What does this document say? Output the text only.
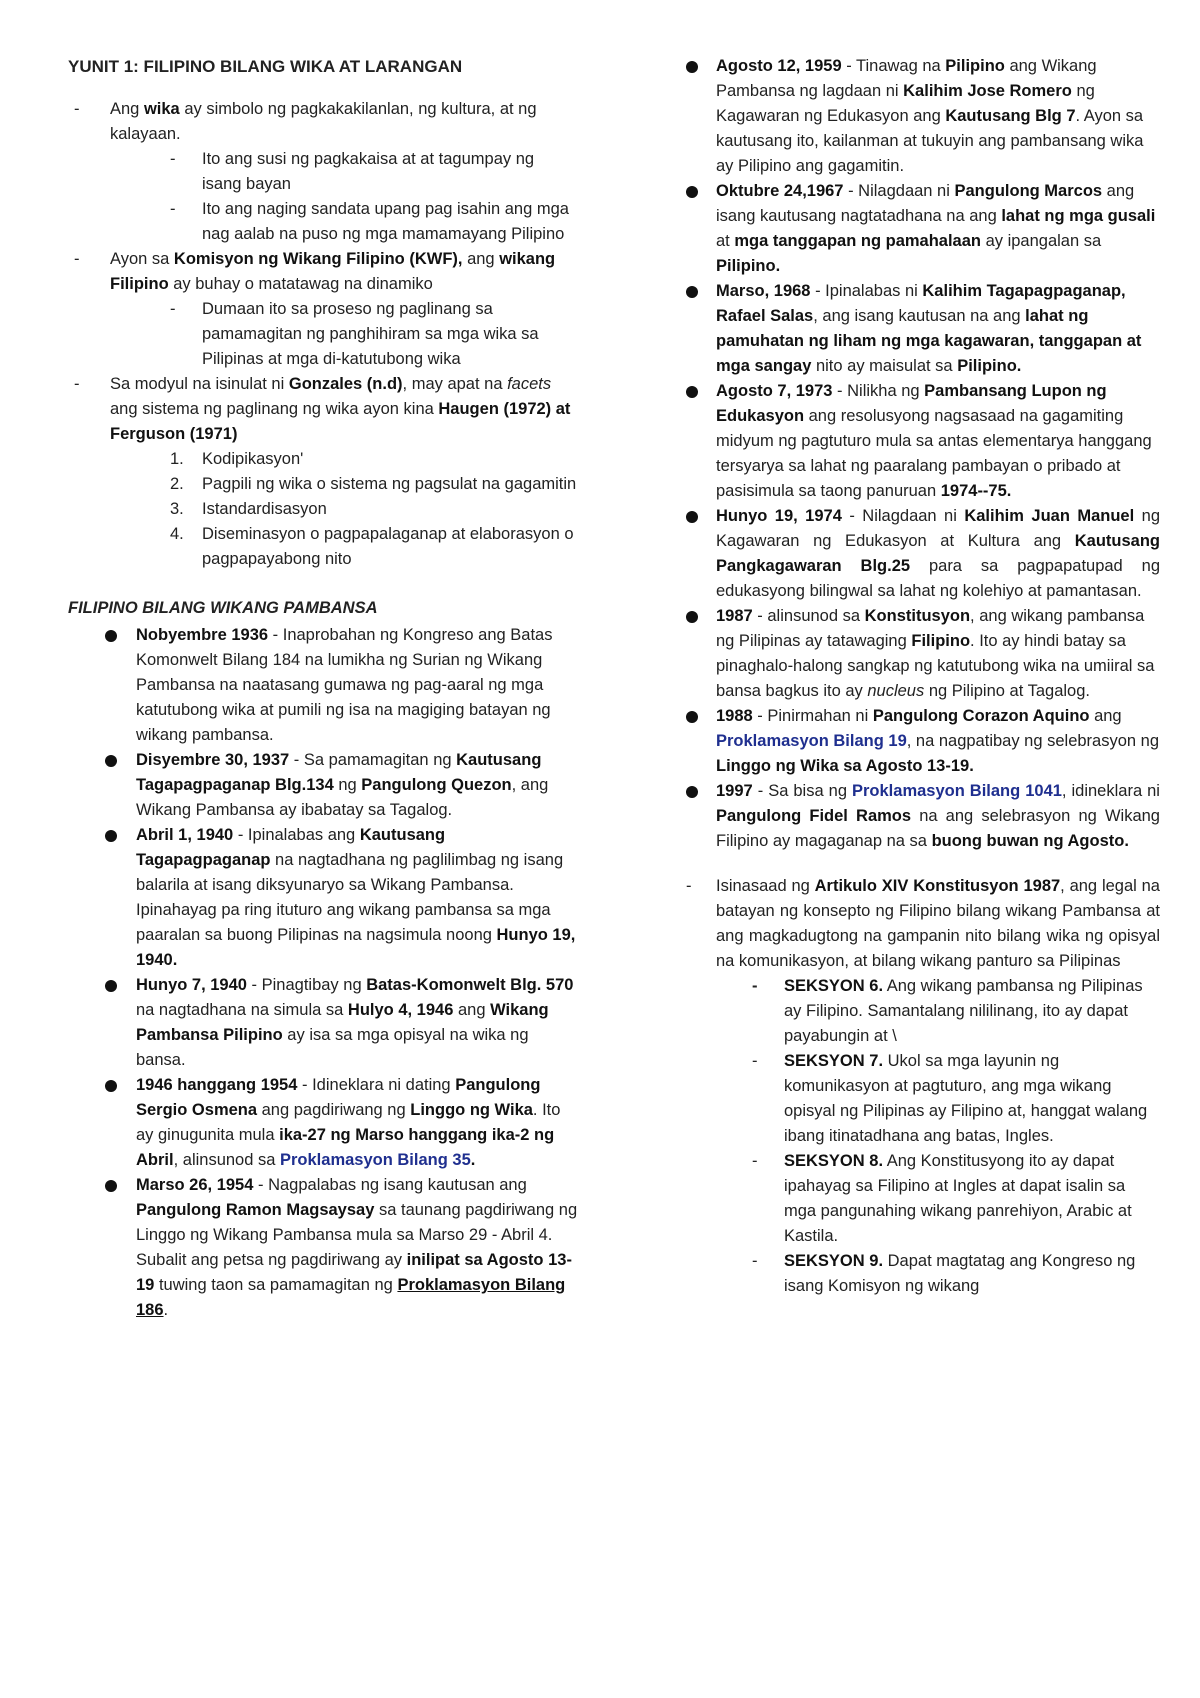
YUNIT 1: FILIPINO BILANG WIKA AT LARANGAN

- Ang wika ay simbolo ng pagkakakilanlan, ng kultura, at ng kalayaan.

- Ito ang susi ng pagkakaisa at at tagumpay ng isang bayan

- Ito ang naging sandata upang pag isahin ang mga nag aalab na puso ng mga mamamayang Pilipino

- Ayon sa Komisyon ng Wikang Filipino (KWF), ang wikang Filipino ay buhay o matatawag na dinamiko

- Dumaan ito sa proseso ng paglinang sa pamamagitan ng panghihiram sa mga wika sa Pilipinas at mga di-katutubong wika

- Sa modyul na isinulat ni Gonzales (n.d), may apat na facets ang sistema ng paglinang ng wika ayon kina Haugen (1972) at Ferguson (1971)

1. Kodipikasyon'

2. Pagpili ng wika o sistema ng pagsulat na gagamitin

3. Istandardisasyon

4. Diseminasyon o pagpapalaganap at elaborasyon o pagpapayabong nito

FILIPINO BILANG WIKANG PAMBANSA

Nobyembre 1936 - Inaprobahan ng Kongreso ang Batas Komonwelt Bilang 184 na lumikha ng Surian ng Wikang Pambansa na naatasang gumawa ng pag-aaral ng mga katutubong wika at pumili ng isa na magiging batayan ng wikang pambansa.

Disyembre 30, 1937 - Sa pamamagitan ng Kautusang Tagapagpaganap Blg.134 ng Pangulong Quezon, ang Wikang Pambansa ay ibabatay sa Tagalog.

Abril 1, 1940 - Ipinalabas ang Kautusang Tagapagpaganap na nagtadhana ng paglilimbag ng isang balarila at isang diksyunaryo sa Wikang Pambansa. Ipinahayag pa ring ituturo ang wikang pambansa sa mga paaralan sa buong Pilipinas na nagsimula noong Hunyo 19, 1940.

Hunyo 7, 1940 - Pinagtibay ng Batas-Komonwelt Blg. 570 na nagtadhana na simula sa Hulyo 4, 1946 ang Wikang Pambansa Pilipino ay isa sa mga opisyal na wika ng bansa.

1946 hanggang 1954 - Idineklara ni dating Pangulong Sergio Osmena ang pagdiriwang ng Linggo ng Wika. Ito ay ginugunita mula ika-27 ng Marso hanggang ika-2 ng Abril, alinsunod sa Proklamasyon Bilang 35.

Marso 26, 1954 - Nagpalabas ng isang kautusan ang Pangulong Ramon Magsaysay sa taunang pagdiriwang ng Linggo ng Wikang Pambansa mula sa Marso 29 - Abril 4. Subalit ang petsa ng pagdiriwang ay inilipat sa Agosto 13-19 tuwing taon sa pamamagitan ng Proklamasyon Bilang 186.

Agosto 12, 1959 - Tinawag na Pilipino ang Wikang Pambansa ng lagdaan ni Kalihim Jose Romero ng Kagawaran ng Edukasyon ang Kautusang Blg 7. Ayon sa kautusang ito, kailanman at tukuyin ang pambansang wika ay Pilipino ang gagamitin.

Oktubre 24,1967 - Nilagdaan ni Pangulong Marcos ang isang kautusang nagtatadhana na ang lahat ng mga gusali at mga tanggapan ng pamahalaan ay ipangalan sa Pilipino.

Marso, 1968 - Ipinalabas ni Kalihim Tagapagpaganap, Rafael Salas, ang isang kautusan na ang lahat ng pamuhatan ng liham ng mga kagawaran, tanggapan at mga sangay nito ay maisulat sa Pilipino.

Agosto 7, 1973 - Nilikha ng Pambansang Lupon ng Edukasyon ang resolusyong nagsasaad na gagamiting midyum ng pagtuturo mula sa antas elementarya hanggang tersyarya sa lahat ng paaralang pambayan o pribado at pasisimula sa taong panuruan 1974--75.

Hunyo 19, 1974 - Nilagdaan ni Kalihim Juan Manuel ng Kagawaran ng Edukasyon at Kultura ang Kautusang Pangkagawaran Blg.25 para sa pagpapatupad ng edukasyong bilingwal sa lahat ng kolehiyo at pamantasan.

1987 - alinsunod sa Konstitusyon, ang wikang pambansa ng Pilipinas ay tatawaging Filipino. Ito ay hindi batay sa pinaghalo-halong sangkap ng katutubong wika na umiiral sa bansa bagkus ito ay nucleus ng Pilipino at Tagalog.

1988 - Pinirmahan ni Pangulong Corazon Aquino ang Proklamasyon Bilang 19, na nagpatibay ng selebrasyon ng Linggo ng Wika sa Agosto 13-19.

1997 - Sa bisa ng Proklamasyon Bilang 1041, idineklara ni Pangulong Fidel Ramos na ang selebrasyon ng Wikang Filipino ay magaganap na sa buong buwan ng Agosto.

- Isinasaad ng Artikulo XIV Konstitusyon 1987, ang legal na batayan ng konsepto ng Filipino bilang wikang Pambansa at ang magkadugtong na gampanin nito bilang wika ng opisyal na komunikasyon, at bilang wikang panturo sa Pilipinas

- SEKSYON 6. Ang wikang pambansa ng Pilipinas ay Filipino. Samantalang nililinang, ito ay dapat payabungin at \

- SEKSYON 7. Ukol sa mga layunin ng komunikasyon at pagtuturo, ang mga wikang opisyal ng Pilipinas ay Filipino at, hanggat walang ibang itinatadhana ang batas, Ingles.

- SEKSYON 8. Ang Konstitusyong ito ay dapat ipahayag sa Filipino at Ingles at dapat isalin sa mga pangunahing wikang panrehiyon, Arabic at Kastila.

- SEKSYON 9. Dapat magtatag ang Kongreso ng isang Komisyon ng wikang
